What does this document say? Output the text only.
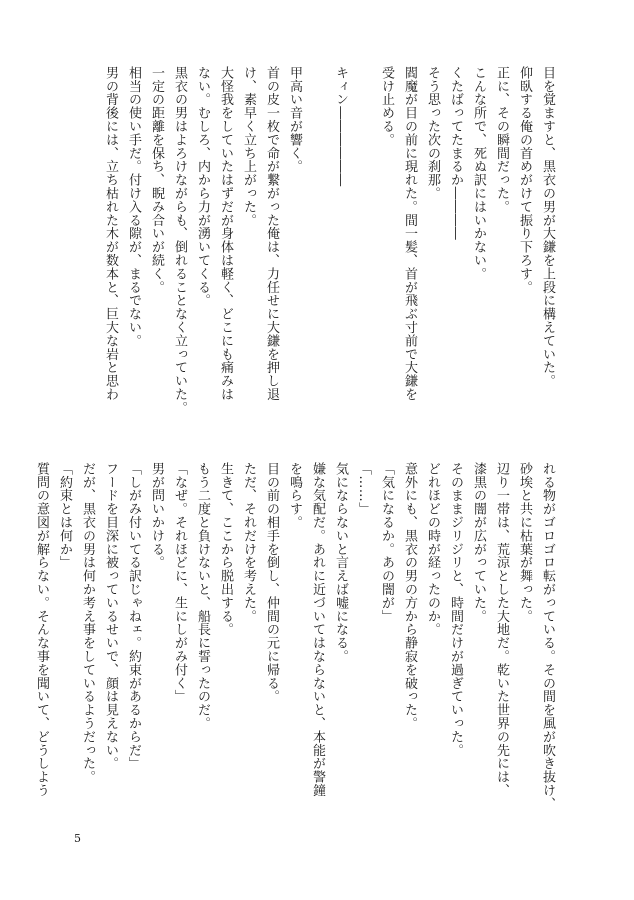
目を覚ますと、黒衣の男が大鎌を上段に構えていた。
仰臥する俺の首めがけて振り下ろす。
正に、その瞬間だった。
こんな所で、死ぬ訳にはいかない。
くたばってたまるか――――
そう思った次の刹那。
閻魔が目の前に現れた。間一髪、首が飛ぶ寸前で大鎌を
受け止める。
キィン――――――
甲高い音が響く。
首の皮一枚で命が繋がった俺は、力任せに大鎌を押し退
け、素早く立ち上がった。
大怪我をしていたはずだが身体は軽く、どこにも痛みは
ない。むしろ、内から力が湧いてくる。
黒衣の男はよろけながらも、倒れることなく立っていた。
一定の距離を保ち、睨み合いが続く。
相当の使い手だ。付け入る隙が、まるでない。
男の背後には、立ち枯れた木が数本と、巨大な岩と思わ
れる物がゴロゴロ転がっている。その間を風が吹き抜け、
砂埃と共に枯葉が舞った。
辺り一帯は、荒涼とした大地だ。乾いた世界の先には、
漆黒の闇が広がっていた。
そのままジリジリと、時間だけが過ぎていった。
どれほどの時が経ったのか。
意外にも、黒衣の男の方から静寂を破った。
「気になるか。あの闇が」
「……」
気にならないと言えば嘘になる。
嫌な気配だ。あれに近づいてはならないと、本能が警鐘
を鳴らす。
目の前の相手を倒し、仲間の元に帰る。
ただ、それだけを考えた。
生きて、ここから脱出する。
もう二度と負けないと、船長に誓ったのだ。
「なぜ。それほどに、生にしがみ付く」
男が問いかける。
「しがみ付いてる訳じゃねェ。約束があるからだ」
フードを目深に被っているせいで、顔は見えない。
だが、黒衣の男は何か考え事をしているようだった。
「約束とは何か」
質問の意図が解らない。そんな事を聞いて、どうしよう
5
